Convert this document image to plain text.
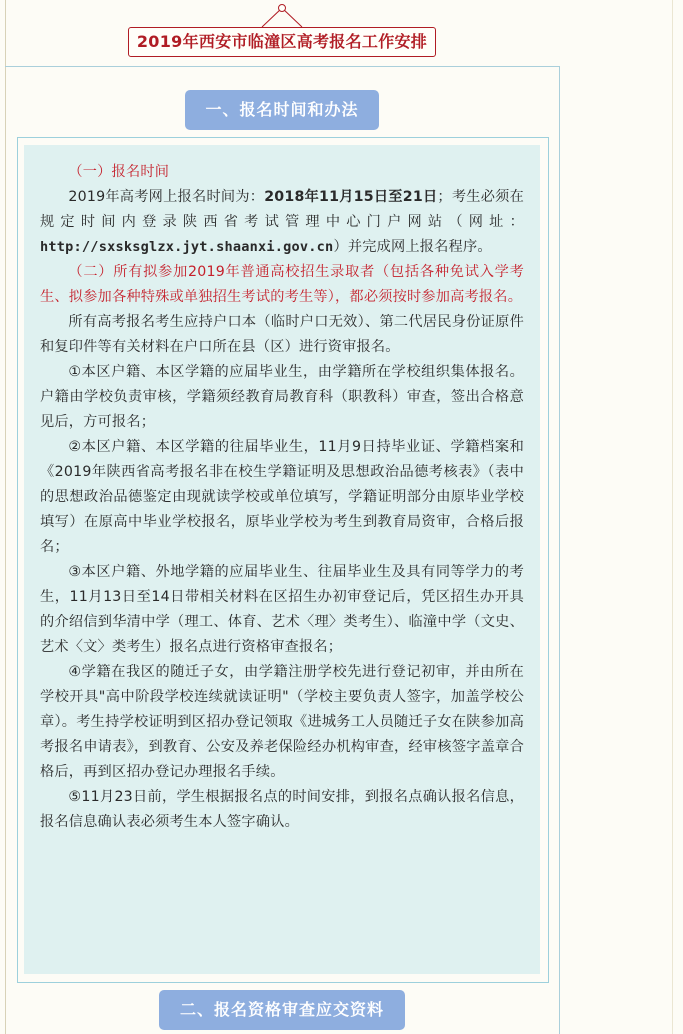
2019年西安市临潼区高考报名工作安排
一、报名时间和办法

（一）报名时间

2019年高考网上报名时间为：2018年11月15日至21日；考生必须在规定时间内登录陕西省考试管理中心门户网站（网址：http://sxsksglzx.jyt.shaanxi.gov.cn）并完成网上报名程序。

（二）所有拟参加2019年普通高校招生录取者（包括各种免试入学考生、拟参加各种特殊或单独招生考试的考生等），都必须按时参加高考报名。

所有高考报名考生应持户口本（临时户口无效）、第二代居民身份证原件和复印件等有关材料在户口所在县（区）进行资审报名。

①本区户籍、本区学籍的应届毕业生，由学籍所在学校组织集体报名。户籍由学校负责审核，学籍须经教育局教育科（职教科）审查，签出合格意见后，方可报名；

②本区户籍、本区学籍的往届毕业生，11月9日持毕业证、学籍档案和《2019年陕西省高考报名非在校生学籍证明及思想政治品德考核表》（表中的思想政治品德鉴定由现就读学校或单位填写，学籍证明部分由原毕业学校填写）在原高中毕业学校报名，原毕业学校为考生到教育局资审，合格后报名；

③本区户籍、外地学籍的应届毕业生、往届毕业生及具有同等学力的考生，11月13日至14日带相关材料在区招生办初审登记后，凭区招生办开具的介绍信到华清中学（理工、体育、艺术〈理〉类考生）、临潼中学（文史、艺术〈文〉类考生）报名点进行资格审查报名；

④学籍在我区的随迁子女，由学籍注册学校先进行登记初审，并由所在学校开具"高中阶段学校连续就读证明"（学校主要负责人签字，加盖学校公章）。考生持学校证明到区招办登记领取《进城务工人员随迁子女在陕参加高考报名申请表》，到教育、公安及养老保险经办机构审查，经审核签字盖章合格后，再到区招办登记办理报名手续。

⑤11月23日前，学生根据报名点的时间安排，到报名点确认报名信息，报名信息确认表必须考生本人签字确认。

二、报名资格审查应交资料
